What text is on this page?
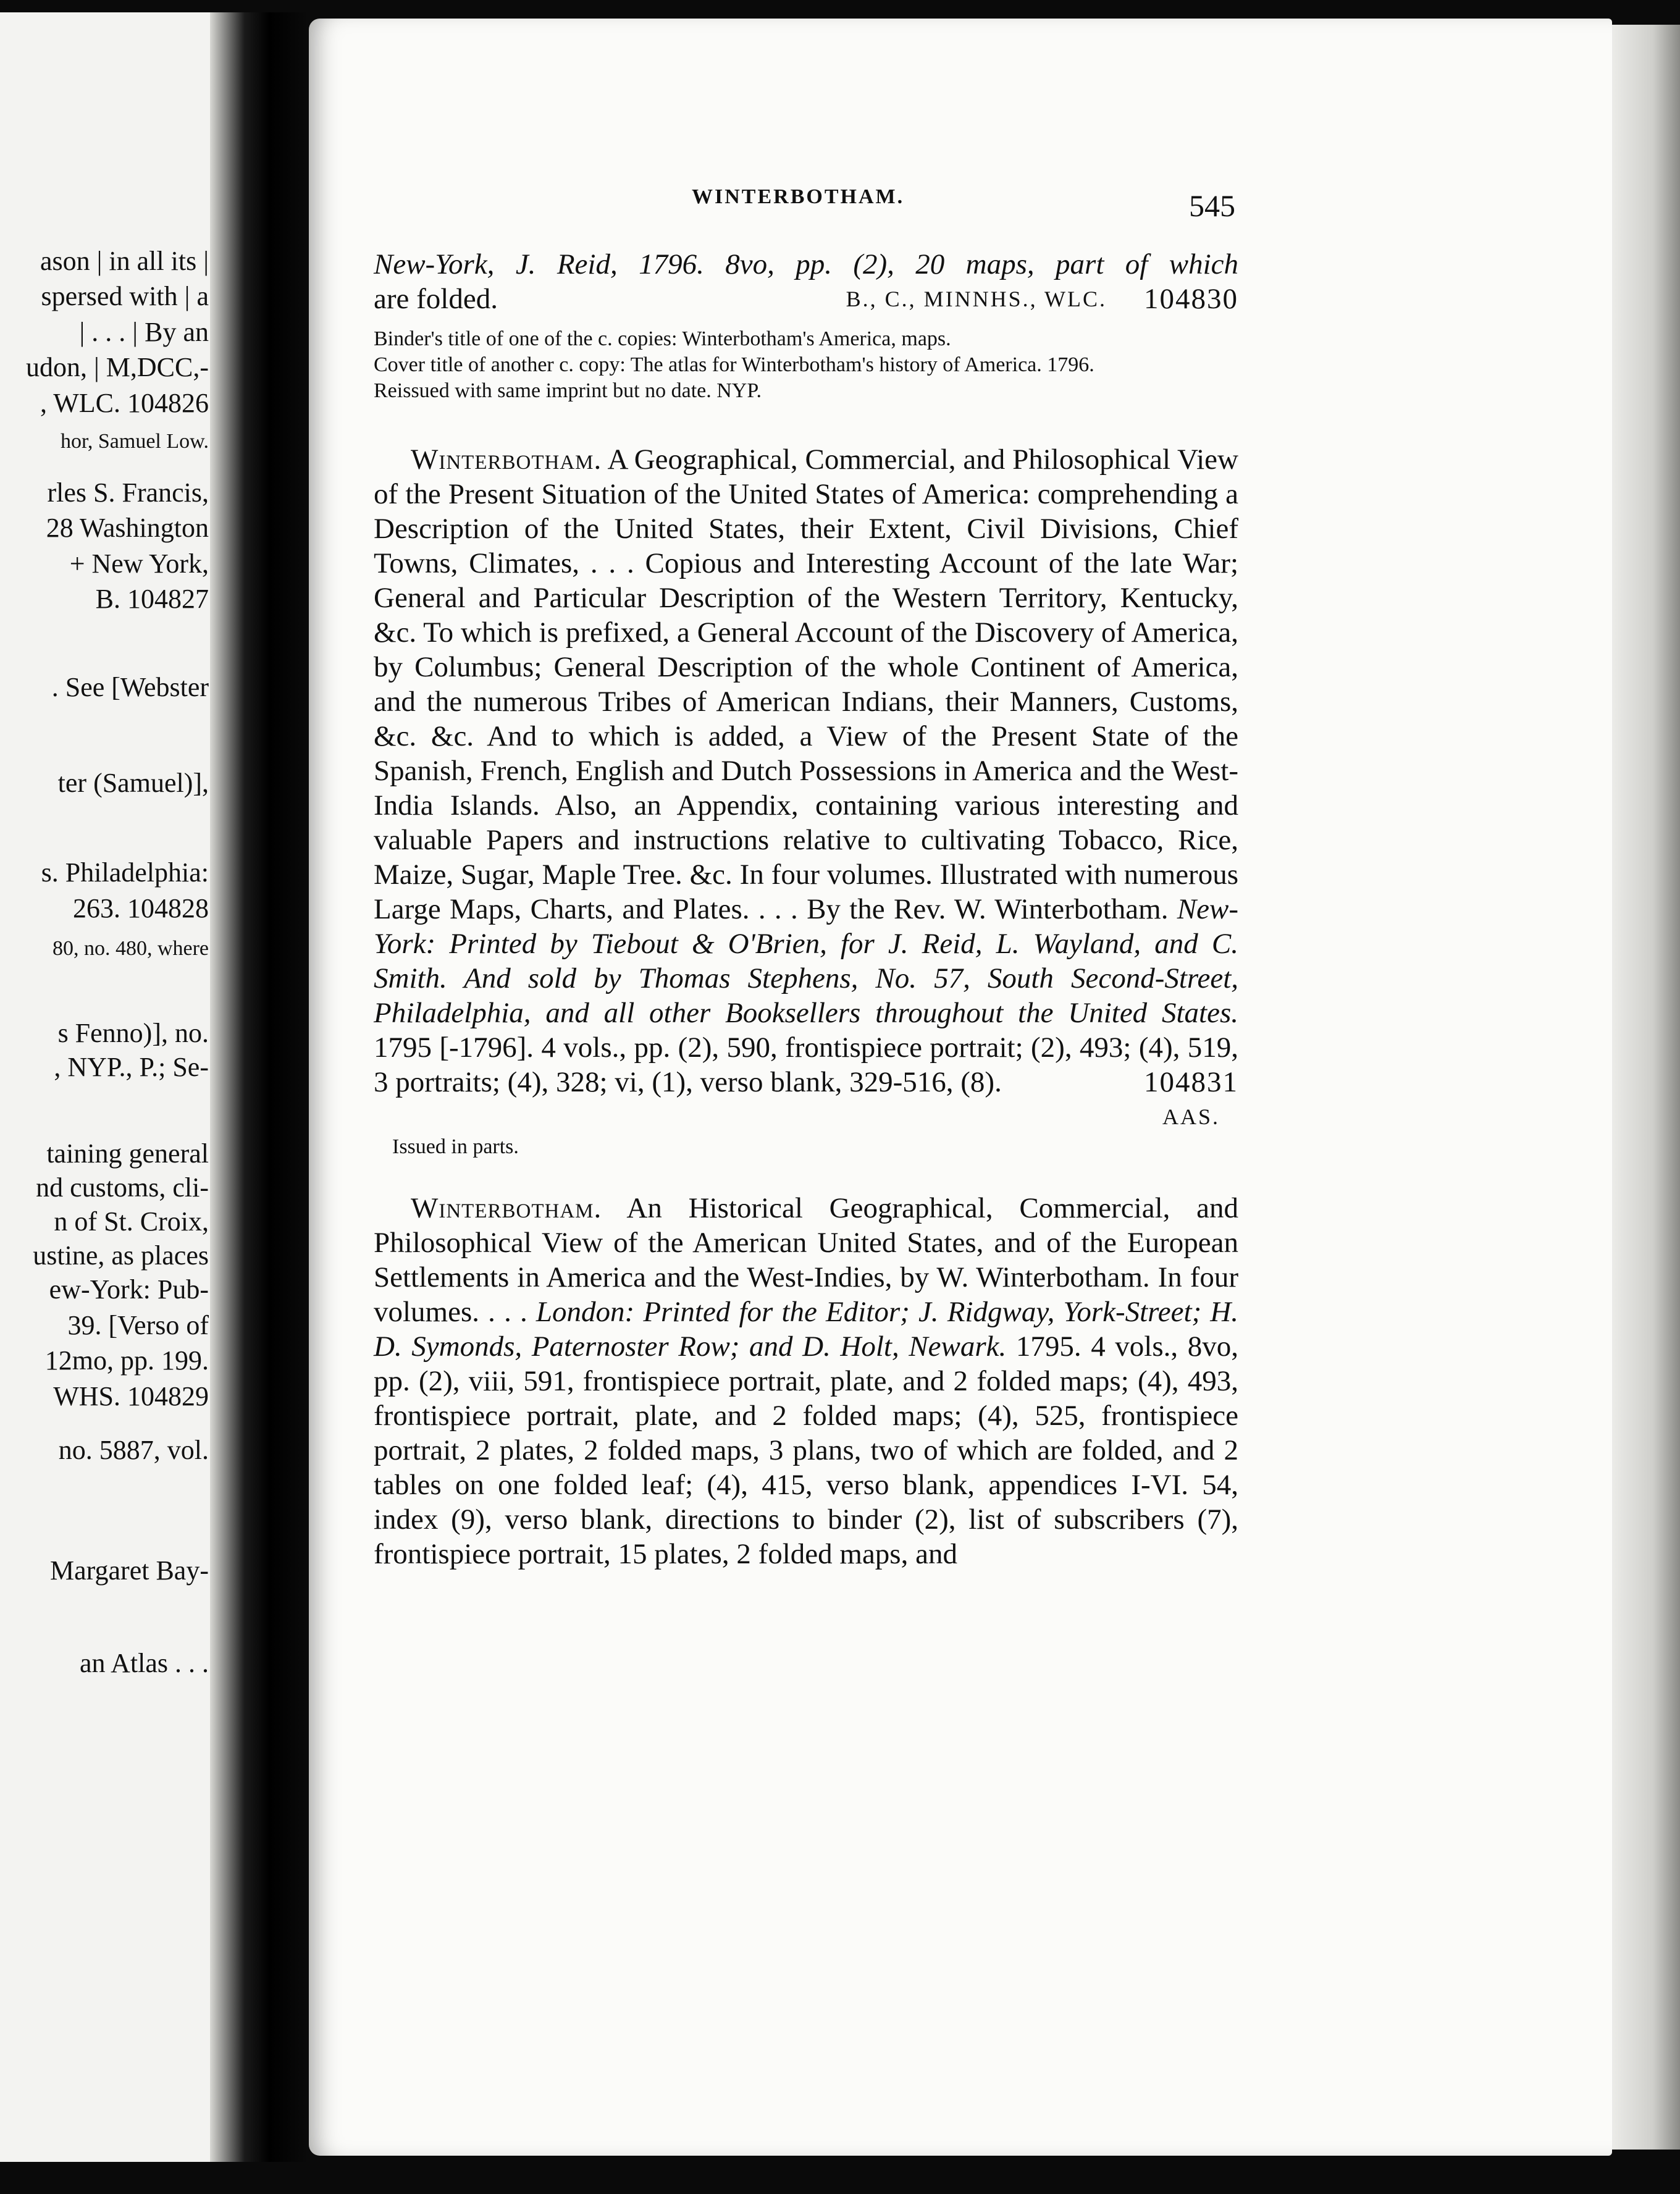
ason | in all its |

spersed with | a

| . . . | By an

udon, | M,DCC,-

, WLC. 104826

hor, Samuel Low.

rles S. Francis,

28 Washington

+ New York,

B. 104827

. See [Webster

ter (Samuel)],

s. Philadelphia:

263. 104828

80, no. 480, where

s Fenno)], no.

, NYP., P.; Se-

taining general

nd customs, cli-

n of St. Croix,

ustine, as places

ew-York: Pub-

39. [Verso of

12mo, pp. 199.

WHS. 104829

no. 5887, vol.

Margaret Bay-

an Atlas . . .

WINTERBOTHAM.	545

New-York, J. Reid, 1796. 8vo, pp. (2), 20 maps, part of which

104830
B., C., MINNHS., WLC.
are folded.

Binder's title of one of the c. copies: Winterbotham's America, maps.

Cover title of another c. copy: The atlas for Winterbotham's history of America. 1796.

Reissued with same imprint but no date. NYP.

Winterbotham. A Geographical, Commercial, and Philosophical View of the Present Situation of the United States of America: comprehending a Description of the United States, their Extent, Civil Divisions, Chief Towns, Climates, . . . Copious and Interesting Account of the late War; General and Particular Description of the Western Territory, Kentucky, &c. To which is prefixed, a General Account of the Discovery of America, by Columbus; General Description of the whole Continent of America, and the numerous Tribes of American Indians, their Manners, Customs, &c. &c. And to which is added, a View of the Present State of the Spanish, French, English and Dutch Possessions in America and the West-India Islands. Also, an Appendix, containing various interesting and valuable Papers and instructions relative to cultivating Tobacco, Rice, Maize, Sugar, Maple Tree. &c. In four volumes. Illustrated with numerous Large Maps, Charts, and Plates. . . . By the Rev. W. Winterbotham. New-York: Printed by Tiebout & O'Brien, for J. Reid, L. Wayland, and C. Smith. And sold by Thomas Stephens, No. 57, South Second-Street, Philadelphia, and all other Booksellers throughout the United States. 1795 [-1796]. 4 vols., pp. (2), 590, frontispiece portrait; (2), 493; (4), 519, 3 portraits; (4), 328; vi, (1), verso blank, 329-516, (8).	104831
AAS.

Issued in parts.

Winterbotham. An Historical Geographical, Commercial, and Philosophical View of the American United States, and of the European Settlements in America and the West-Indies, by W. Winterbotham. In four volumes. . . . London: Printed for the Editor; J. Ridgway, York-Street; H. D. Symonds, Paternoster Row; and D. Holt, Newark. 1795. 4 vols., 8vo, pp. (2), viii, 591, frontispiece portrait, plate, and 2 folded maps; (4), 493, frontispiece portrait, plate, and 2 folded maps; (4), 525, frontispiece portrait, 2 plates, 2 folded maps, 3 plans, two of which are folded, and 2 tables on one folded leaf; (4), 415, verso blank, appendices I-VI. 54, index (9), verso blank, directions to binder (2), list of subscribers (7), frontispiece portrait, 15 plates, 2 folded maps, and
